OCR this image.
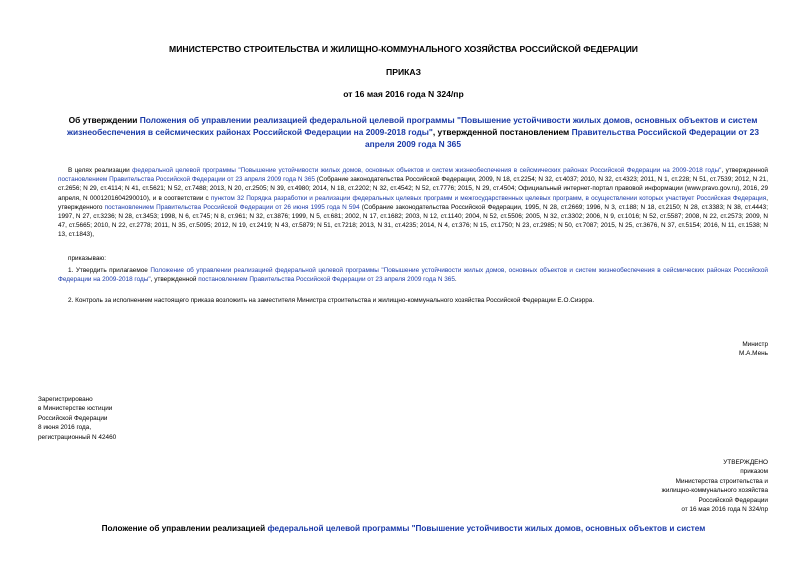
МИНИСТЕРСТВО СТРОИТЕЛЬСТВА И ЖИЛИЩНО-КОММУНАЛЬНОГО ХОЗЯЙСТВА РОССИЙСКОЙ ФЕДЕРАЦИИ
ПРИКАЗ
от 16 мая 2016 года N 324/пр
Об утверждении Положения об управлении реализацией федеральной целевой программы "Повышение устойчивости жилых домов, основных объектов и систем жизнеобеспечения в сейсмических районах Российской Федерации на 2009-2018 годы", утвержденной постановлением Правительства Российской Федерации от 23 апреля 2009 года N 365
В целях реализации федеральной целевой программы "Повышение устойчивости жилых домов, основных объектов и систем жизнеобеспечения в сейсмических районах Российской Федерации на 2009-2018 годы", утвержденной постановлением Правительства Российской Федерации от 23 апреля 2009 года N 365 (Собрание законодательства Российской Федерации, 2009, N 18, ст.2254; N 32, ст.4037; 2010, N 32, ст.4323; 2011, N 1, ст.228; N 51, ст.7539; 2012, N 21, ст.2656; N 29, ст.4114; N 41, ст.5621; N 52, ст.7488; 2013, N 20, ст.2505; N 39, ст.4980; 2014, N 18, ст.2202; N 32, ст.4542; N 52, ст.7776; 2015, N 29, ст.4504; Официальный интернет-портал правовой информации (www.pravo.gov.ru), 2016, 29 апреля, N 0001201604290010), и в соответствии с пунктом 32 Порядка разработки и реализации федеральных целевых программ и межгосударственных целевых программ, в осуществлении которых участвует Российская Федерация, утвержденного постановлением Правительства Российской Федерации от 26 июня 1995 года N 594 (Собрание законодательства Российской Федерации, 1995, N 28, ст.2669; 1996, N 3, ст.188; N 18, ст.2150; N 28, ст.3383; N 38, ст.4443; 1997, N 27, ст.3236; N 28, ст.3453; 1998, N 6, ст.745; N 8, ст.961; N 32, ст.3876; 1999, N 5, ст.681; 2002, N 17, ст.1682; 2003, N 12, ст.1140; 2004, N 52, ст.5506; 2005, N 32, ст.3302; 2006, N 9, ст.1016; N 52, ст.5587; 2008, N 22, ст.2573; 2009, N 47, ст.5665; 2010, N 22, ст.2778; 2011, N 35, ст.5095; 2012, N 19, ст.2419; N 43, ст.5879; N 51, ст.7218; 2013, N 31, ст.4235; 2014, N 4, ст.376; N 15, ст.1750; N 23, ст.2985; N 50, ст.7087; 2015, N 25, ст.3676, N 37, ст.5154; 2016, N 11, ст.1538; N 13, ст.1843),
приказываю:
1. Утвердить прилагаемое Положение об управлении реализацией федеральной целевой программы "Повышение устойчивости жилых домов, основных объектов и систем жизнеобеспечения в сейсмических районах Российской Федерации на 2009-2018 годы", утвержденной постановлением Правительства Российской Федерации от 23 апреля 2009 года N 365.
2. Контроль за исполнением настоящего приказа возложить на заместителя Министра строительства и жилищно-коммунального хозяйства Российской Федерации Е.О.Сиэрра.
Министр
М.А.Мень
Зарегистрировано
в Министерстве юстиции
Российской Федерации
8 июня 2016 года,
регистрационный N 42460
УТВЕРЖДЕНО
приказом
Министерства строительства и
жилищно-коммунального хозяйства
Российской Федерации
от 16 мая 2016 года N 324/пр
Положение об управлении реализацией федеральной целевой программы "Повышение устойчивости жилых домов, основных объектов и систем
